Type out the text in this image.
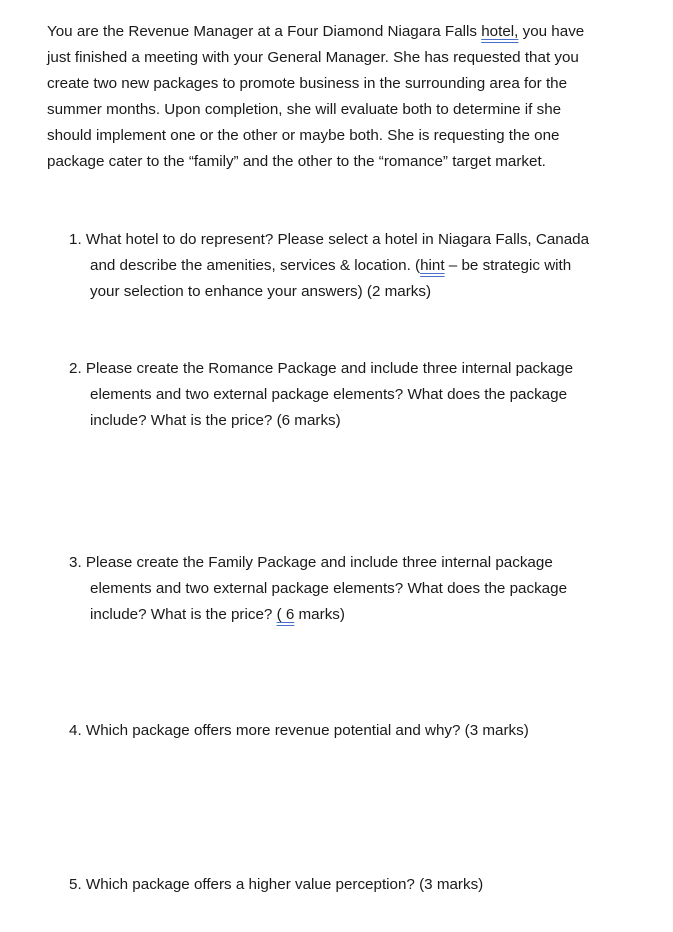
You are the Revenue Manager at a Four Diamond Niagara Falls hotel, you have
just finished a meeting with your General Manager. She has requested that you
create two new packages to promote business in the surrounding area for the
summer months. Upon completion, she will evaluate both to determine if she
should implement one or the other or maybe both. She is requesting the one
package cater to the “family” and the other to the “romance” target market.
1. What hotel to do represent? Please select a hotel in Niagara Falls, Canada
and describe the amenities, services & location. (hint – be strategic with
your selection to enhance your answers) (2 marks)
2. Please create the Romance Package and include three internal package
elements and two external package elements? What does the package
include? What is the price? (6 marks)
3. Please create the Family Package and include three internal package
elements and two external package elements? What does the package
include? What is the price? ( 6 marks)
4. Which package offers more revenue potential and why? (3 marks)
5. Which package offers a higher value perception? (3 marks)
